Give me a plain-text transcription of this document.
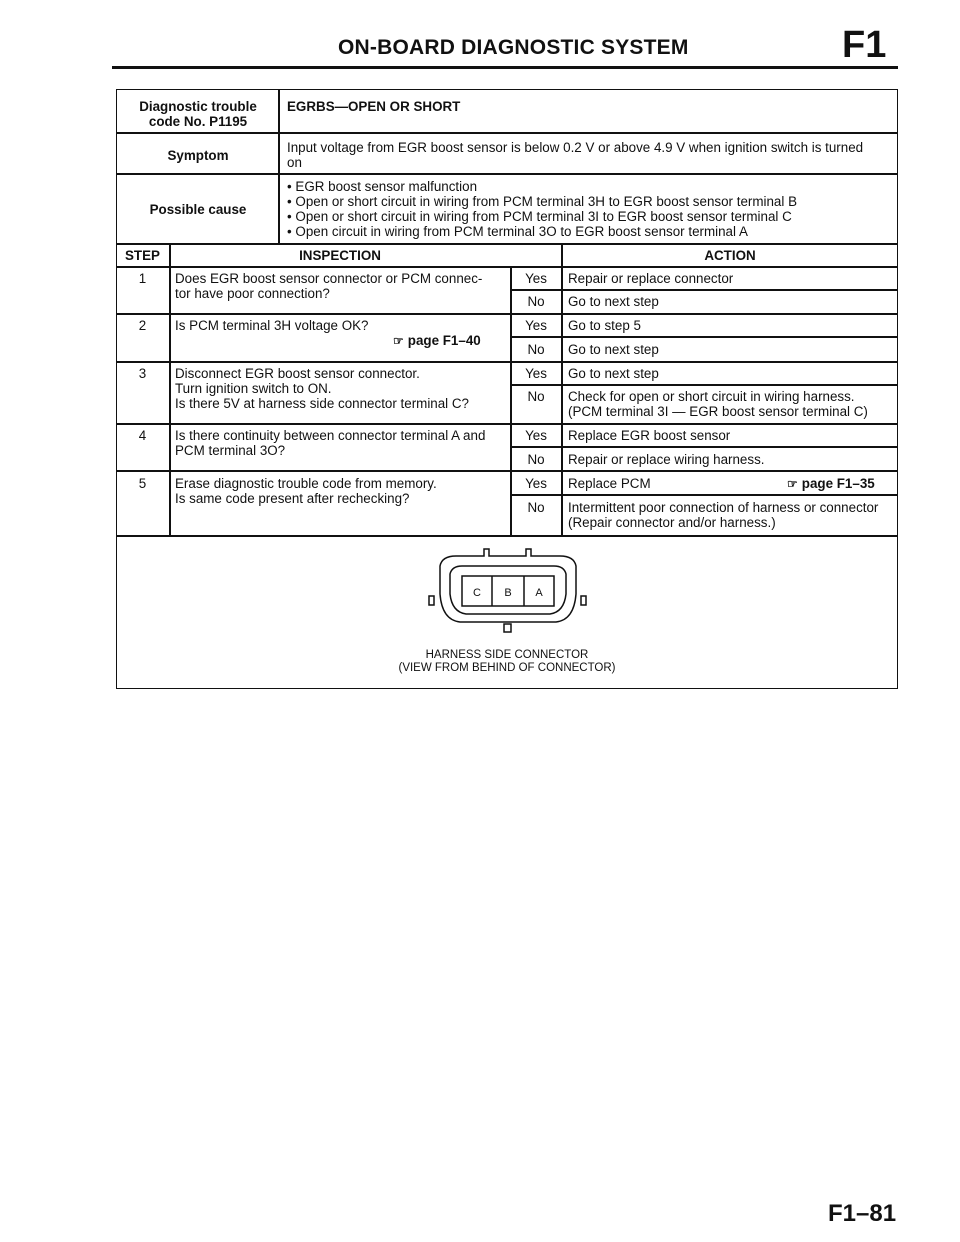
ON-BOARD DIAGNOSTIC SYSTEM	F1
Diagnostic trouble
code No. P1195
EGRBS—OPEN OR SHORT
Symptom
Input voltage from EGR boost sensor is below 0.2 V or above 4.9 V when ignition switch is turned
on
Possible cause
• EGR boost sensor malfunction
• Open or short circuit in wiring from PCM terminal 3H to EGR boost sensor terminal B
• Open or short circuit in wiring from PCM terminal 3I to EGR boost sensor terminal C
• Open circuit in wiring from PCM terminal 3O to EGR boost sensor terminal A
STEP	INSPECTION	ACTION
1	Does EGR boost sensor connector or PCM connec-
tor have poor connection?
Yes	Repair or replace connector
No	Go to next step
2	Is PCM terminal 3H voltage OK?
☞ page F1–40
Yes	Go to step 5
No	Go to next step
3	Disconnect EGR boost sensor connector.
Turn ignition switch to ON.
Is there 5V at harness side connector terminal C?
Yes	Go to next step
No	Check for open or short circuit in wiring harness.
(PCM terminal 3I — EGR boost sensor terminal C)
4	Is there continuity between connector terminal A and
PCM terminal 3O?
Yes	Replace EGR boost sensor
No	Repair or replace wiring harness.
5	Erase diagnostic trouble code from memory.
Is same code present after rechecking?
Yes	Replace PCM	☞ page F1–35
No	Intermittent poor connection of harness or connector
(Repair connector and/or harness.)
C B A
HARNESS SIDE CONNECTOR
(VIEW FROM BEHIND OF CONNECTOR)
F1–81
